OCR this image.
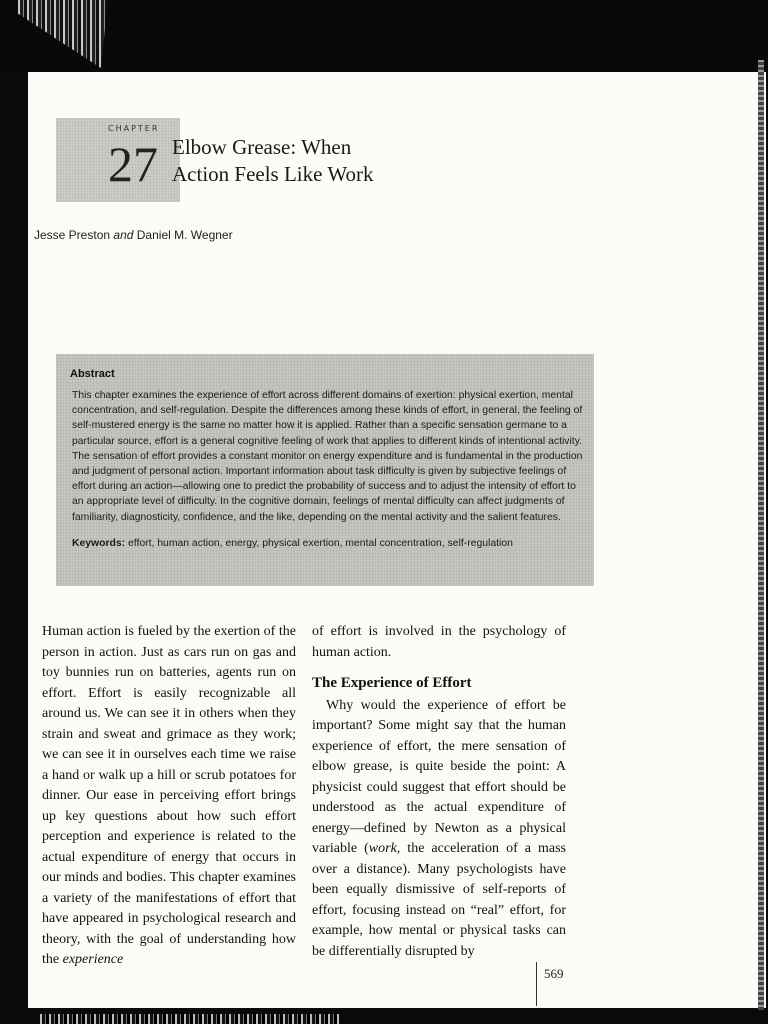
CHAPTER
27 Elbow Grease: When
Action Feels Like Work
Jesse Preston and Daniel M. Wegner
Abstract
This chapter examines the experience of effort across different domains of exertion: physical exertion, mental concentration, and self-regulation. Despite the differences among these kinds of effort, in general, the feeling of self-mustered energy is the same no matter how it is applied. Rather than a specific sensation germane to a particular source, effort is a general cognitive feeling of work that applies to different kinds of intentional activity. The sensation of effort provides a constant monitor on energy expenditure and is fundamental in the production and judgment of personal action. Important information about task difficulty is given by subjective feelings of effort during an action—allowing one to predict the probability of success and to adjust the intensity of effort to an appropriate level of difficulty. In the cognitive domain, feelings of mental difficulty can affect judgments of familiarity, diagnosticity, confidence, and the like, depending on the mental activity and the salient features.
Keywords: effort, human action, energy, physical exertion, mental concentration, self-regulation

Human action is fueled by the exertion of the person in action. Just as cars run on gas and toy bunnies run on batteries, agents run on effort. Effort is easily recognizable all around us. We can see it in others when they strain and sweat and grimace as they work; we can see it in ourselves each time we raise a hand or walk up a hill or scrub potatoes for dinner. Our ease in perceiving effort brings up key questions about how such effort perception and experience is related to the actual expenditure of energy that occurs in our minds and bodies. This chapter examines a variety of the manifestations of effort that have appeared in psychological research and theory, with the goal of understanding how the experience

of effort is involved in the psychology of human action.

The Experience of Effort

Why would the experience of effort be important? Some might say that the human experience of effort, the mere sensation of elbow grease, is quite beside the point: A physicist could suggest that effort should be understood as the actual expenditure of energy—defined by Newton as a physical variable (work, the acceleration of a mass over a distance). Many psychologists have been equally dismissive of self-reports of effort, focusing instead on “real” effort, for example, how mental or physical tasks can be differentially disrupted by

569
